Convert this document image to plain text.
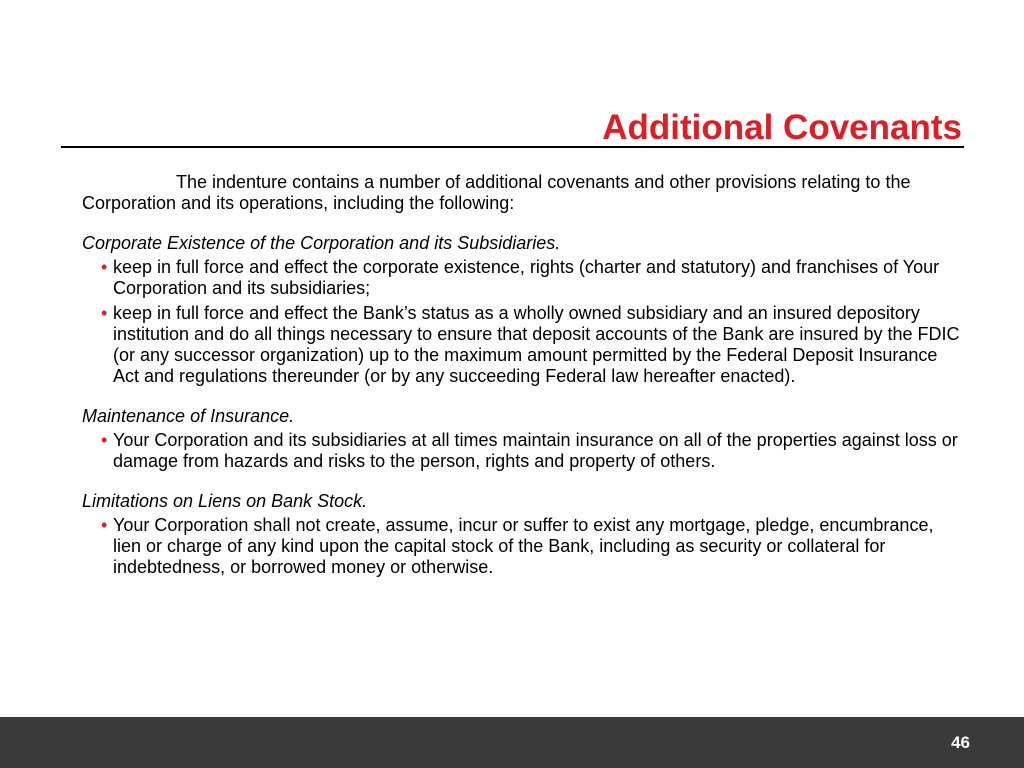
Additional Covenants

The indenture contains a number of additional covenants and other provisions relating to the Corporation and its operations, including the following:

Corporate Existence of the Corporation and its Subsidiaries.

• keep in full force and effect the corporate existence, rights (charter and statutory) and franchises of Your Corporation and its subsidiaries;
• keep in full force and effect the Bank’s status as a wholly owned subsidiary and an insured depository institution and do all things necessary to ensure that deposit accounts of the Bank are insured by the FDIC (or any successor organization) up to the maximum amount permitted by the Federal Deposit Insurance Act and regulations thereunder (or by any succeeding Federal law hereafter enacted).

Maintenance of Insurance.

• Your Corporation and its subsidiaries at all times maintain insurance on all of the properties against loss or damage from hazards and risks to the person, rights and property of others.

Limitations on Liens on Bank Stock.

• Your Corporation shall not create, assume, incur or suffer to exist any mortgage, pledge, encumbrance, lien or charge of any kind upon the capital stock of the Bank, including as security or collateral for indebtedness, or borrowed money or otherwise.
46
